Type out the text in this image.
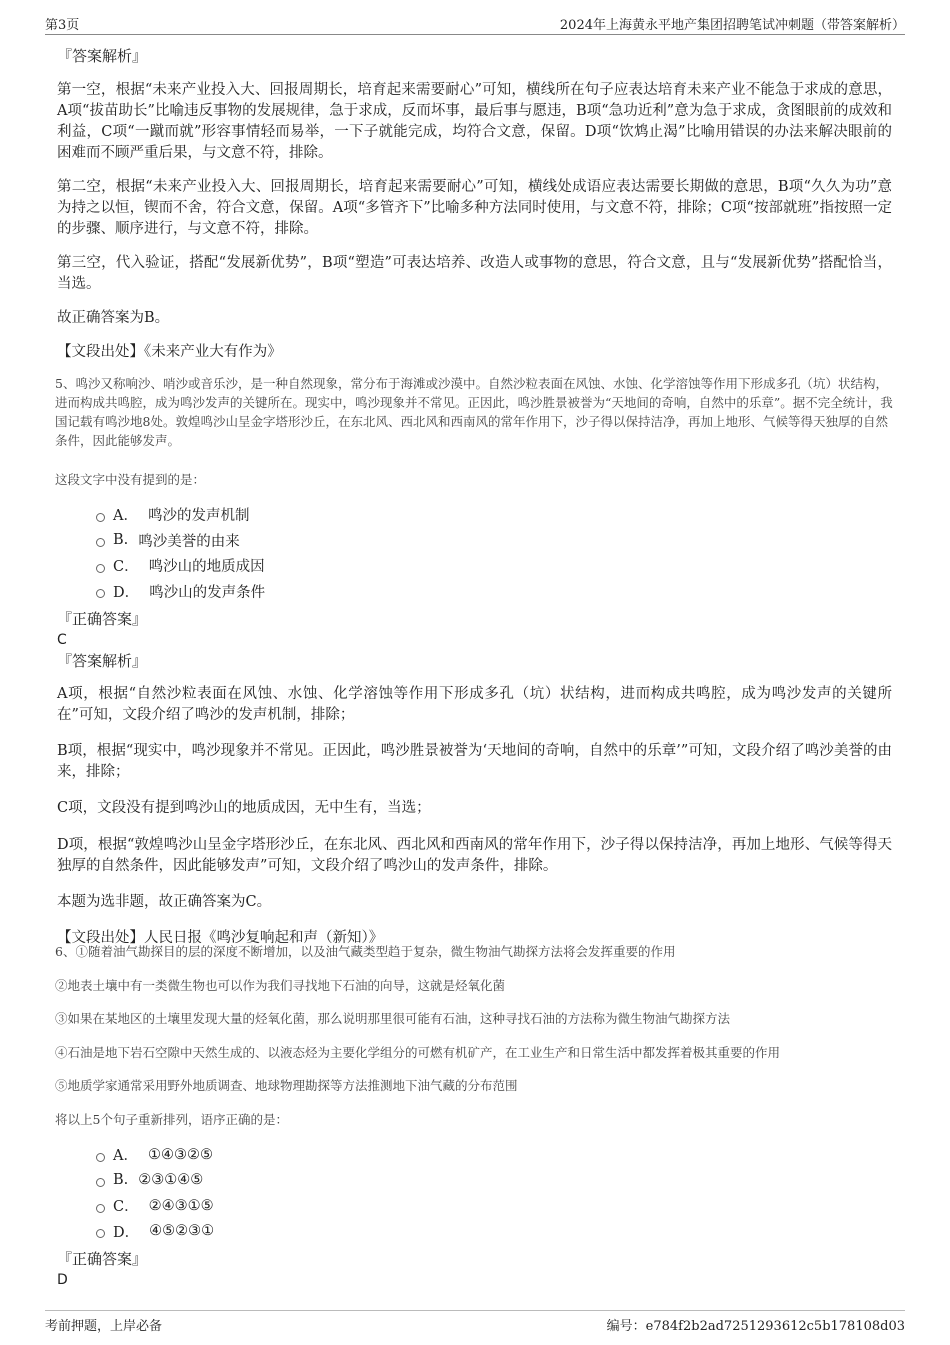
第3页	2024年上海黄永平地产集团招聘笔试冲刺题（带答案解析）
『答案解析』

第一空，根据“未来产业投入大、回报周期长，培育起来需要耐心”可知，横线所在句子应表达培育未来产业不能急于求成的意思，A项“拔苗助长”比喻违反事物的发展规律，急于求成，反而坏事，最后事与愿违，B项“急功近利”意为急于求成，贪图眼前的成效和利益，C项“一蹴而就”形容事情轻而易举，一下子就能完成，均符合文意，保留。D项“饮鸩止渴”比喻用错误的办法来解决眼前的困难而不顾严重后果，与文意不符，排除。

第二空，根据“未来产业投入大、回报周期长，培育起来需要耐心”可知，横线处成语应表达需要长期做的意思，B项“久久为功”意为持之以恒，锲而不舍，符合文意，保留。A项“多管齐下”比喻多种方法同时使用，与文意不符，排除；C项“按部就班”指按照一定的步骤、顺序进行，与文意不符，排除。

第三空，代入验证，搭配“发展新优势”，B项“塑造”可表达培养、改造人或事物的意思，符合文意，且与“发展新优势”搭配恰当，当选。

故正确答案为B。

【文段出处】《未来产业大有作为》

5、鸣沙又称响沙、哨沙或音乐沙，是一种自然现象，常分布于海滩或沙漠中。自然沙粒表面在风蚀、水蚀、化学溶蚀等作用下形成多孔（坑）状结构，进而构成共鸣腔，成为鸣沙发声的关键所在。现实中，鸣沙现象并不常见。正因此，鸣沙胜景被誉为“天地间的奇响，自然中的乐章”。据不完全统计，我国记载有鸣沙地8处。敦煌鸣沙山呈金字塔形沙丘，在东北风、西北风和西南风的常年作用下，沙子得以保持洁净，再加上地形、气候等得天独厚的自然条件，因此能够发声。

这段文字中没有提到的是：
A． 鸣沙的发声机制
B. 鸣沙美誉的由来
C． 鸣沙山的地质成因
D． 鸣沙山的发声条件
『正确答案』
C
『答案解析』

A项，根据“自然沙粒表面在风蚀、水蚀、化学溶蚀等作用下形成多孔（坑）状结构，进而构成共鸣腔，成为鸣沙发声的关键所在”可知，文段介绍了鸣沙的发声机制，排除；

B项，根据“现实中，鸣沙现象并不常见。正因此，鸣沙胜景被誉为‘天地间的奇响，自然中的乐章’”可知，文段介绍了鸣沙美誉的由来，排除；

C项，文段没有提到鸣沙山的地质成因，无中生有，当选；

D项，根据“敦煌鸣沙山呈金字塔形沙丘，在东北风、西北风和西南风的常年作用下，沙子得以保持洁净，再加上地形、气候等得天独厚的自然条件，因此能够发声”可知，文段介绍了鸣沙山的发声条件，排除。

本题为选非题，故正确答案为C。

【文段出处】人民日报《鸣沙复响起和声（新知）》

6、①随着油气勘探目的层的深度不断增加，以及油气藏类型趋于复杂，微生物油气勘探方法将会发挥重要的作用
②地表土壤中有一类微生物也可以作为我们寻找地下石油的向导，这就是烃氧化菌
③如果在某地区的土壤里发现大量的烃氧化菌，那么说明那里很可能有石油，这种寻找石油的方法称为微生物油气勘探方法
④石油是地下岩石空隙中天然生成的、以液态烃为主要化学组分的可燃有机矿产，在工业生产和日常生活中都发挥着极其重要的作用
⑤地质学家通常采用野外地质调查、地球物理勘探等方法推测地下油气藏的分布范围
将以上5个句子重新排列，语序正确的是：
A． ①④③②⑤
B. ②③①④⑤
C． ②④③①⑤
D． ④⑤②③①
『正确答案』
D
考前押题，上岸必备	编号：e784f2b2ad7251293612c5b178108d03
